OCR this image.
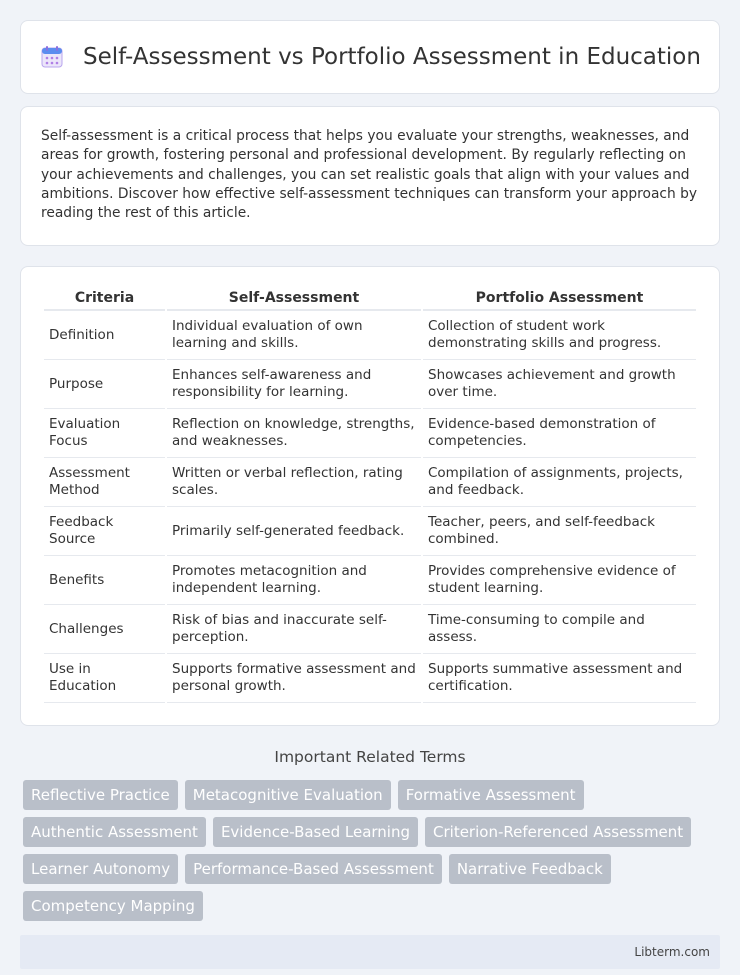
Self-Assessment vs Portfolio Assessment in Education

Self-assessment is a critical process that helps you evaluate your strengths, weaknesses, and areas for growth, fostering personal and professional development. By regularly reflecting on your achievements and challenges, you can set realistic goals that align with your values and ambitions. Discover how effective self-assessment techniques can transform your approach by reading the rest of this article.

Criteria	Self-Assessment	Portfolio Assessment
Definition	Individual evaluation of own learning and skills.	Collection of student work demonstrating skills and progress.
Purpose	Enhances self-awareness and responsibility for learning.	Showcases achievement and growth over time.
Evaluation Focus	Reflection on knowledge, strengths, and weaknesses.	Evidence-based demonstration of competencies.
Assessment Method	Written or verbal reflection, rating scales.	Compilation of assignments, projects, and feedback.
Feedback Source	Primarily self-generated feedback.	Teacher, peers, and self-feedback combined.
Benefits	Promotes metacognition and independent learning.	Provides comprehensive evidence of student learning.
Challenges	Risk of bias and inaccurate self-perception.	Time-consuming to compile and assess.
Use in Education	Supports formative assessment and personal growth.	Supports summative assessment and certification.
Important Related Terms
Reflective Practice	Metacognitive Evaluation	Formative Assessment
Authentic Assessment	Evidence-Based Learning	Criterion-Referenced Assessment
Learner Autonomy	Performance-Based Assessment	Narrative Feedback
Competency Mapping
Libterm.com
